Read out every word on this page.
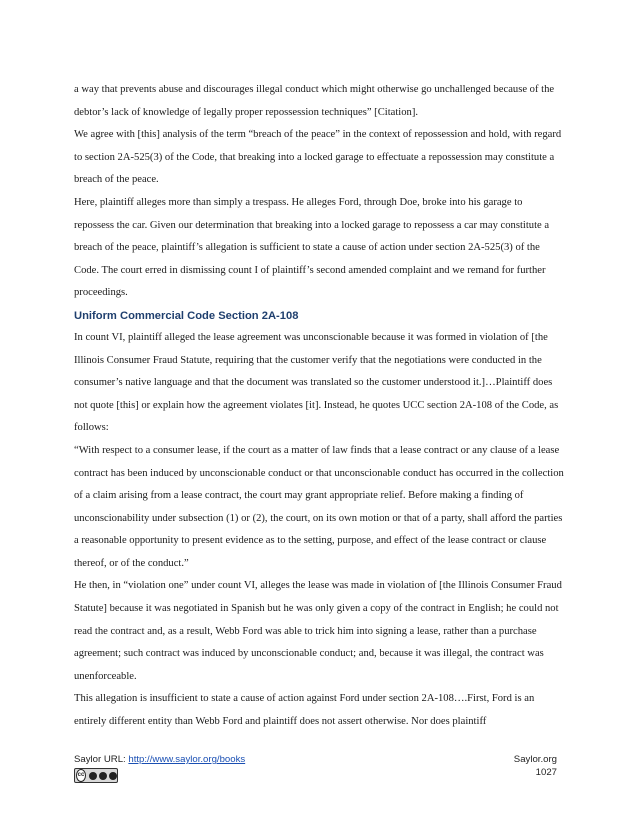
a way that prevents abuse and discourages illegal conduct which might otherwise go unchallenged because of the debtor’s lack of knowledge of legally proper repossession techniques” [Citation].

We agree with [this] analysis of the term “breach of the peace” in the context of repossession and hold, with regard to section 2A-525(3) of the Code, that breaking into a locked garage to effectuate a repossession may constitute a breach of the peace.

Here, plaintiff alleges more than simply a trespass. He alleges Ford, through Doe, broke into his garage to repossess the car. Given our determination that breaking into a locked garage to repossess a car may constitute a breach of the peace, plaintiff’s allegation is sufficient to state a cause of action under section 2A-525(3) of the Code. The court erred in dismissing count I of plaintiff’s second amended complaint and we remand for further proceedings.

Uniform Commercial Code Section 2A-108

In count VI, plaintiff alleged the lease agreement was unconscionable because it was formed in violation of [the Illinois Consumer Fraud Statute, requiring that the customer verify that the negotiations were conducted in the consumer’s native language and that the document was translated so the customer understood it.]…Plaintiff does not quote [this] or explain how the agreement violates [it]. Instead, he quotes UCC section 2A-108 of the Code, as follows:

“With respect to a consumer lease, if the court as a matter of law finds that a lease contract or any clause of a lease contract has been induced by unconscionable conduct or that unconscionable conduct has occurred in the collection of a claim arising from a lease contract, the court may grant appropriate relief. Before making a finding of unconscionability under subsection (1) or (2), the court, on its own motion or that of a party, shall afford the parties a reasonable opportunity to present evidence as to the setting, purpose, and effect of the lease contract or clause thereof, or of the conduct.”

He then, in “violation one” under count VI, alleges the lease was made in violation of [the Illinois Consumer Fraud Statute] because it was negotiated in Spanish but he was only given a copy of the contract in English; he could not read the contract and, as a result, Webb Ford was able to trick him into signing a lease, rather than a purchase agreement; such contract was induced by unconscionable conduct; and, because it was illegal, the contract was unenforceable.

This allegation is insufficient to state a cause of action against Ford under section 2A-108….First, Ford is an entirely different entity than Webb Ford and plaintiff does not assert otherwise. Nor does plaintiff

Saylor URL: http://www.saylor.org/books
cc
Saylor.org
1027
